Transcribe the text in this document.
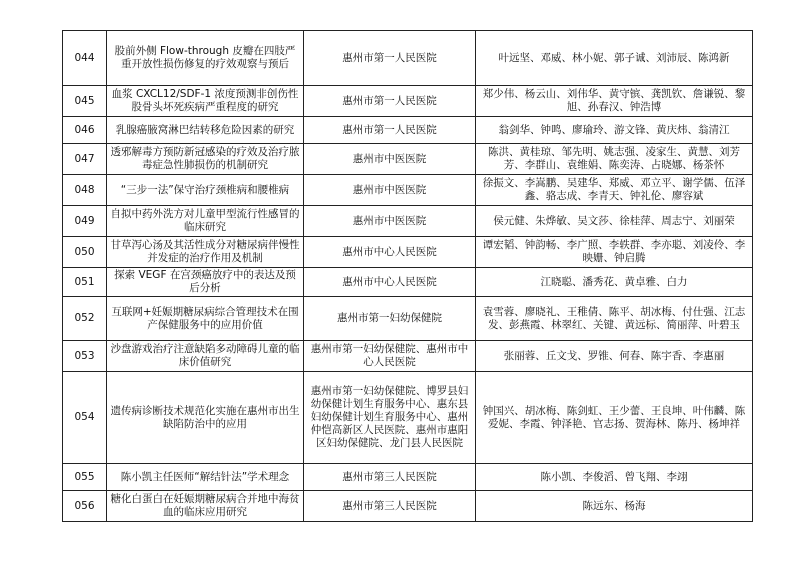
044	股前外侧 Flow-through 皮瓣在四肢严重开放性损伤修复的疗效观察与预后	惠州市第一人民医院	叶远坚、邓威、林小妮、郭子诚、刘沛辰、陈鸿新
045	血浆 CXCL12/SDF-1 浓度预测非创伤性股骨头坏死疾病严重程度的研究	惠州市第一人民医院	郑少伟、杨云山、刘伟华、黄守镔、龚凯钦、詹谦锐、黎旭、孙春汉、钟浩博
046	乳腺癌腋窝淋巴结转移危险因素的研究	惠州市第一人民医院	翁剑华、钟鸣、廖瑜玲、游文锋、黄庆炜、翁清江
047	透邪解毒方预防新冠感染的疗效及治疗脓毒症急性肺损伤的机制研究	惠州市中医医院	陈洪、黄桂琼、邹先明、姚志强、凌家生、黄慧、刘芳芳、李群山、袁维娟、陈奕涛、占晓娜、杨茶怀
048	“三步一法”保守治疗颈椎病和腰椎病	惠州市中医医院	徐振文、李嵩鹏、吴建华、郑威、邓立平、谢学儒、伍泽鑫、骆志成、李青天、钟礼伦、廖容斌
049	自拟中药外洗方对儿童甲型流行性感冒的临床研究	惠州市中医医院	侯元健、朱烨敏、吴文莎、徐桂萍、周志宁、刘丽荣
050	甘草泻心汤及其活性成分对糖尿病伴慢性并发症的治疗作用及机制	惠州市中心人民医院	谭宏韬、钟韵畅、李广照、李轶群、李亦聪、刘凌伶、李映姗、钟启腾
051	探索 VEGF 在宫颈癌放疗中的表达及预后分析	惠州市中心人民医院	江晓聪、潘秀花、黄卓雅、白力
052	互联网+妊娠期糖尿病综合管理技术在围产保健服务中的应用价值	惠州市第一妇幼保健院	袁雪蓉、廖晓礼、王稚倩、陈平、胡冰梅、付仕强、江志发、彭燕霞、林翠红、关键、黄远标、简丽萍、叶碧玉
053	沙盘游戏治疗注意缺陷多动障碍儿童的临床价值研究	惠州市第一妇幼保健院、惠州市中心人民医院	张丽蓉、丘文戈、罗锥、何春、陈宇香、李惠丽
054	遗传病诊断技术规范化实施在惠州市出生缺陷防治中的应用	惠州市第一妇幼保健院、博罗县妇幼保健计划生育服务中心、惠东县妇幼保健计划生育服务中心、惠州仲恺高新区人民医院、惠州市惠阳区妇幼保健院、龙门县人民医院	钟国兴、胡冰梅、陈剑虹、王少蕾、王良坤、叶伟麟、陈爱妮、李霞、钟泽艳、官志扬、贺海林、陈丹、杨坤祥
055	陈小凯主任医师“解结针法”学术理念	惠州市第三人民医院	陈小凯、李俊滔、曾飞翔、李翊
056	糖化白蛋白在妊娠期糖尿病合并地中海贫血的临床应用研究	惠州市第三人民医院	陈远东、杨海
